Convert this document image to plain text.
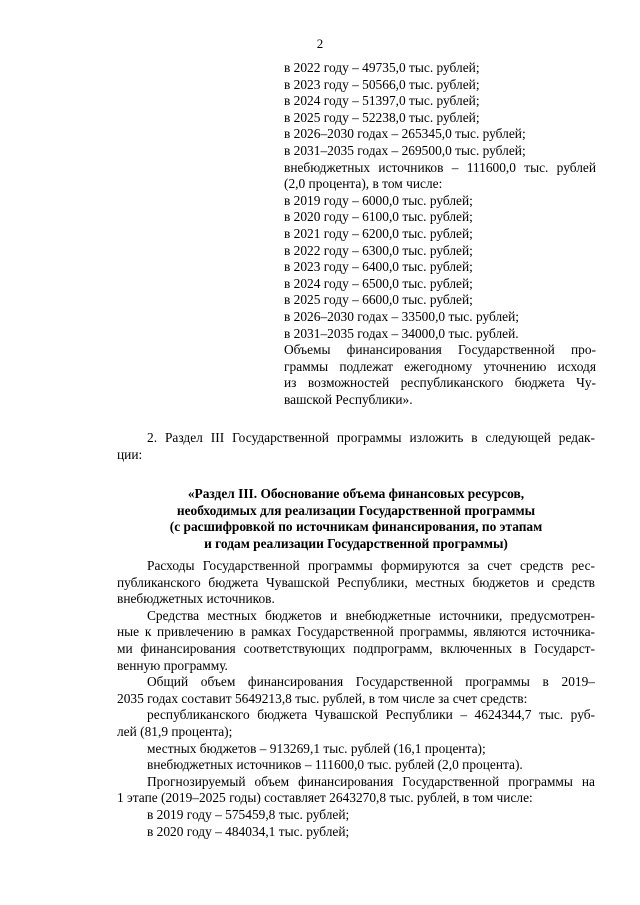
2
в 2022 году – 49735,0 тыс. рублей;
в 2023 году – 50566,0 тыс. рублей;
в 2024 году – 51397,0 тыс. рублей;
в 2025 году – 52238,0 тыс. рублей;
в 2026–2030 годах – 265345,0 тыс. рублей;
в 2031–2035 годах – 269500,0 тыс. рублей;
внебюджетных источников – 111600,0 тыс. рублей
(2,0 процента), в том числе:
в 2019 году – 6000,0 тыс. рублей;
в 2020 году – 6100,0 тыс. рублей;
в 2021 году – 6200,0 тыс. рублей;
в 2022 году – 6300,0 тыс. рублей;
в 2023 году – 6400,0 тыс. рублей;
в 2024 году – 6500,0 тыс. рублей;
в 2025 году – 6600,0 тыс. рублей;
в 2026–2030 годах – 33500,0 тыс. рублей;
в 2031–2035 годах – 34000,0 тыс. рублей.
Объемы финансирования Государственной про-
граммы подлежат ежегодному уточнению исходя
из возможностей республиканского бюджета Чу-
вашской Республики».
2. Раздел III Государственной программы изложить в следующей редак-
ции:
«Раздел III. Обоснование объема финансовых ресурсов,
необходимых для реализации Государственной программы
(с расшифровкой по источникам финансирования, по этапам
и годам реализации Государственной программы)
Расходы Государственной программы формируются за счет средств рес-
публиканского бюджета Чувашской Республики, местных бюджетов и средств
внебюджетных источников.
Средства местных бюджетов и внебюджетные источники, предусмотрен-
ные к привлечению в рамках Государственной программы, являются источника-
ми финансирования соответствующих подпрограмм, включенных в Государст-
венную программу.
Общий объем финансирования Государственной программы в 2019–
2035 годах составит 5649213,8 тыс. рублей, в том числе за счет средств:
республиканского бюджета Чувашской Республики – 4624344,7 тыс. руб-
лей (81,9 процента);
местных бюджетов – 913269,1 тыс. рублей (16,1 процента);
внебюджетных источников – 111600,0 тыс. рублей (2,0 процента).
Прогнозируемый объем финансирования Государственной программы на
1 этапе (2019–2025 годы) составляет 2643270,8 тыс. рублей, в том числе:
в 2019 году – 575459,8 тыс. рублей;
в 2020 году – 484034,1 тыс. рублей;
